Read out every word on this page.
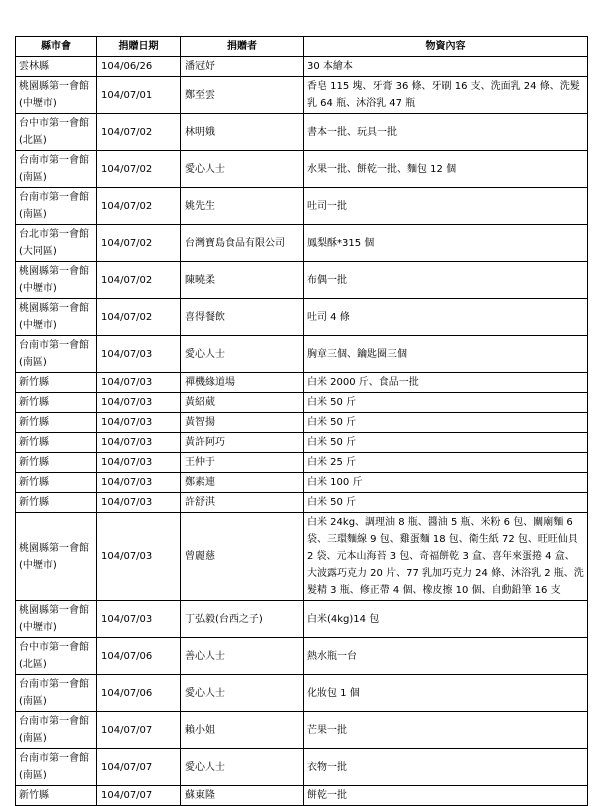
縣市會	捐贈日期	捐贈者	物資內容
雲林縣	104/06/26	潘冠妤	30 本繪本
桃園縣第一會館
(中壢市)	104/07/01	鄭至雲	香皂 115 塊、牙膏 36 條、牙刷 16 支、洗面乳 24 條、洗髮乳 64 瓶、沐浴乳 47 瓶
台中市第一會館
(北區)	104/07/02	林明娥	書本一批、玩具一批
台南市第一會館
(南區)	104/07/02	愛心人士	水果一批、餅乾一批、麵包 12 個
台南市第一會館
(南區)	104/07/02	姚先生	吐司一批
台北市第一會館
(大同區)	104/07/02	台灣寶島食品有限公司	鳳梨酥*315 個
桃園縣第一會館
(中壢市)	104/07/02	陳曉柔	布偶一批
桃園縣第一會館
(中壢市)	104/07/02	喜得餐飲	吐司 4 條
台南市第一會館
(南區)	104/07/03	愛心人士	胸章三個、鑰匙圈三個
新竹縣	104/07/03	禪機緣道場	白米 2000 斤、食品一批
新竹縣	104/07/03	黃紹葳	白米 50 斤
新竹縣	104/07/03	黃智揚	白米 50 斤
新竹縣	104/07/03	黃許阿巧	白米 50 斤
新竹縣	104/07/03	王仲于	白米 25 斤
新竹縣	104/07/03	鄭素連	白米 100 斤
新竹縣	104/07/03	許舒淇	白米 50 斤
桃園縣第一會館
(中壢市)	104/07/03	曾麗慈	白米 24kg、調理油 8 瓶、醬油 5 瓶、米粉 6 包、關廟麵 6 袋、三環麵線 9 包、雞蛋麵 18 包、衛生紙 72 包、旺旺仙貝 2 袋、元本山海苔 3 包、奇福餅乾 3 盒、喜年來蛋捲 4 盒、大波露巧克力 20 片、77 乳加巧克力 24 條、沐浴乳 2 瓶、洗髮精 3 瓶、修正帶 4 個、橡皮擦 10 個、自動鉛筆 16 支
桃園縣第一會館
(中壢市)	104/07/03	丁弘毅(台西之子)	白米(4kg)14 包
台中市第一會館
(北區)	104/07/06	善心人士	熱水瓶一台
台南市第一會館
(南區)	104/07/06	愛心人士	化妝包 1 個
台南市第一會館
(南區)	104/07/07	賴小姐	芒果一批
台南市第一會館
(南區)	104/07/07	愛心人士	衣物一批
新竹縣	104/07/07	蘇東隆	餅乾一批
